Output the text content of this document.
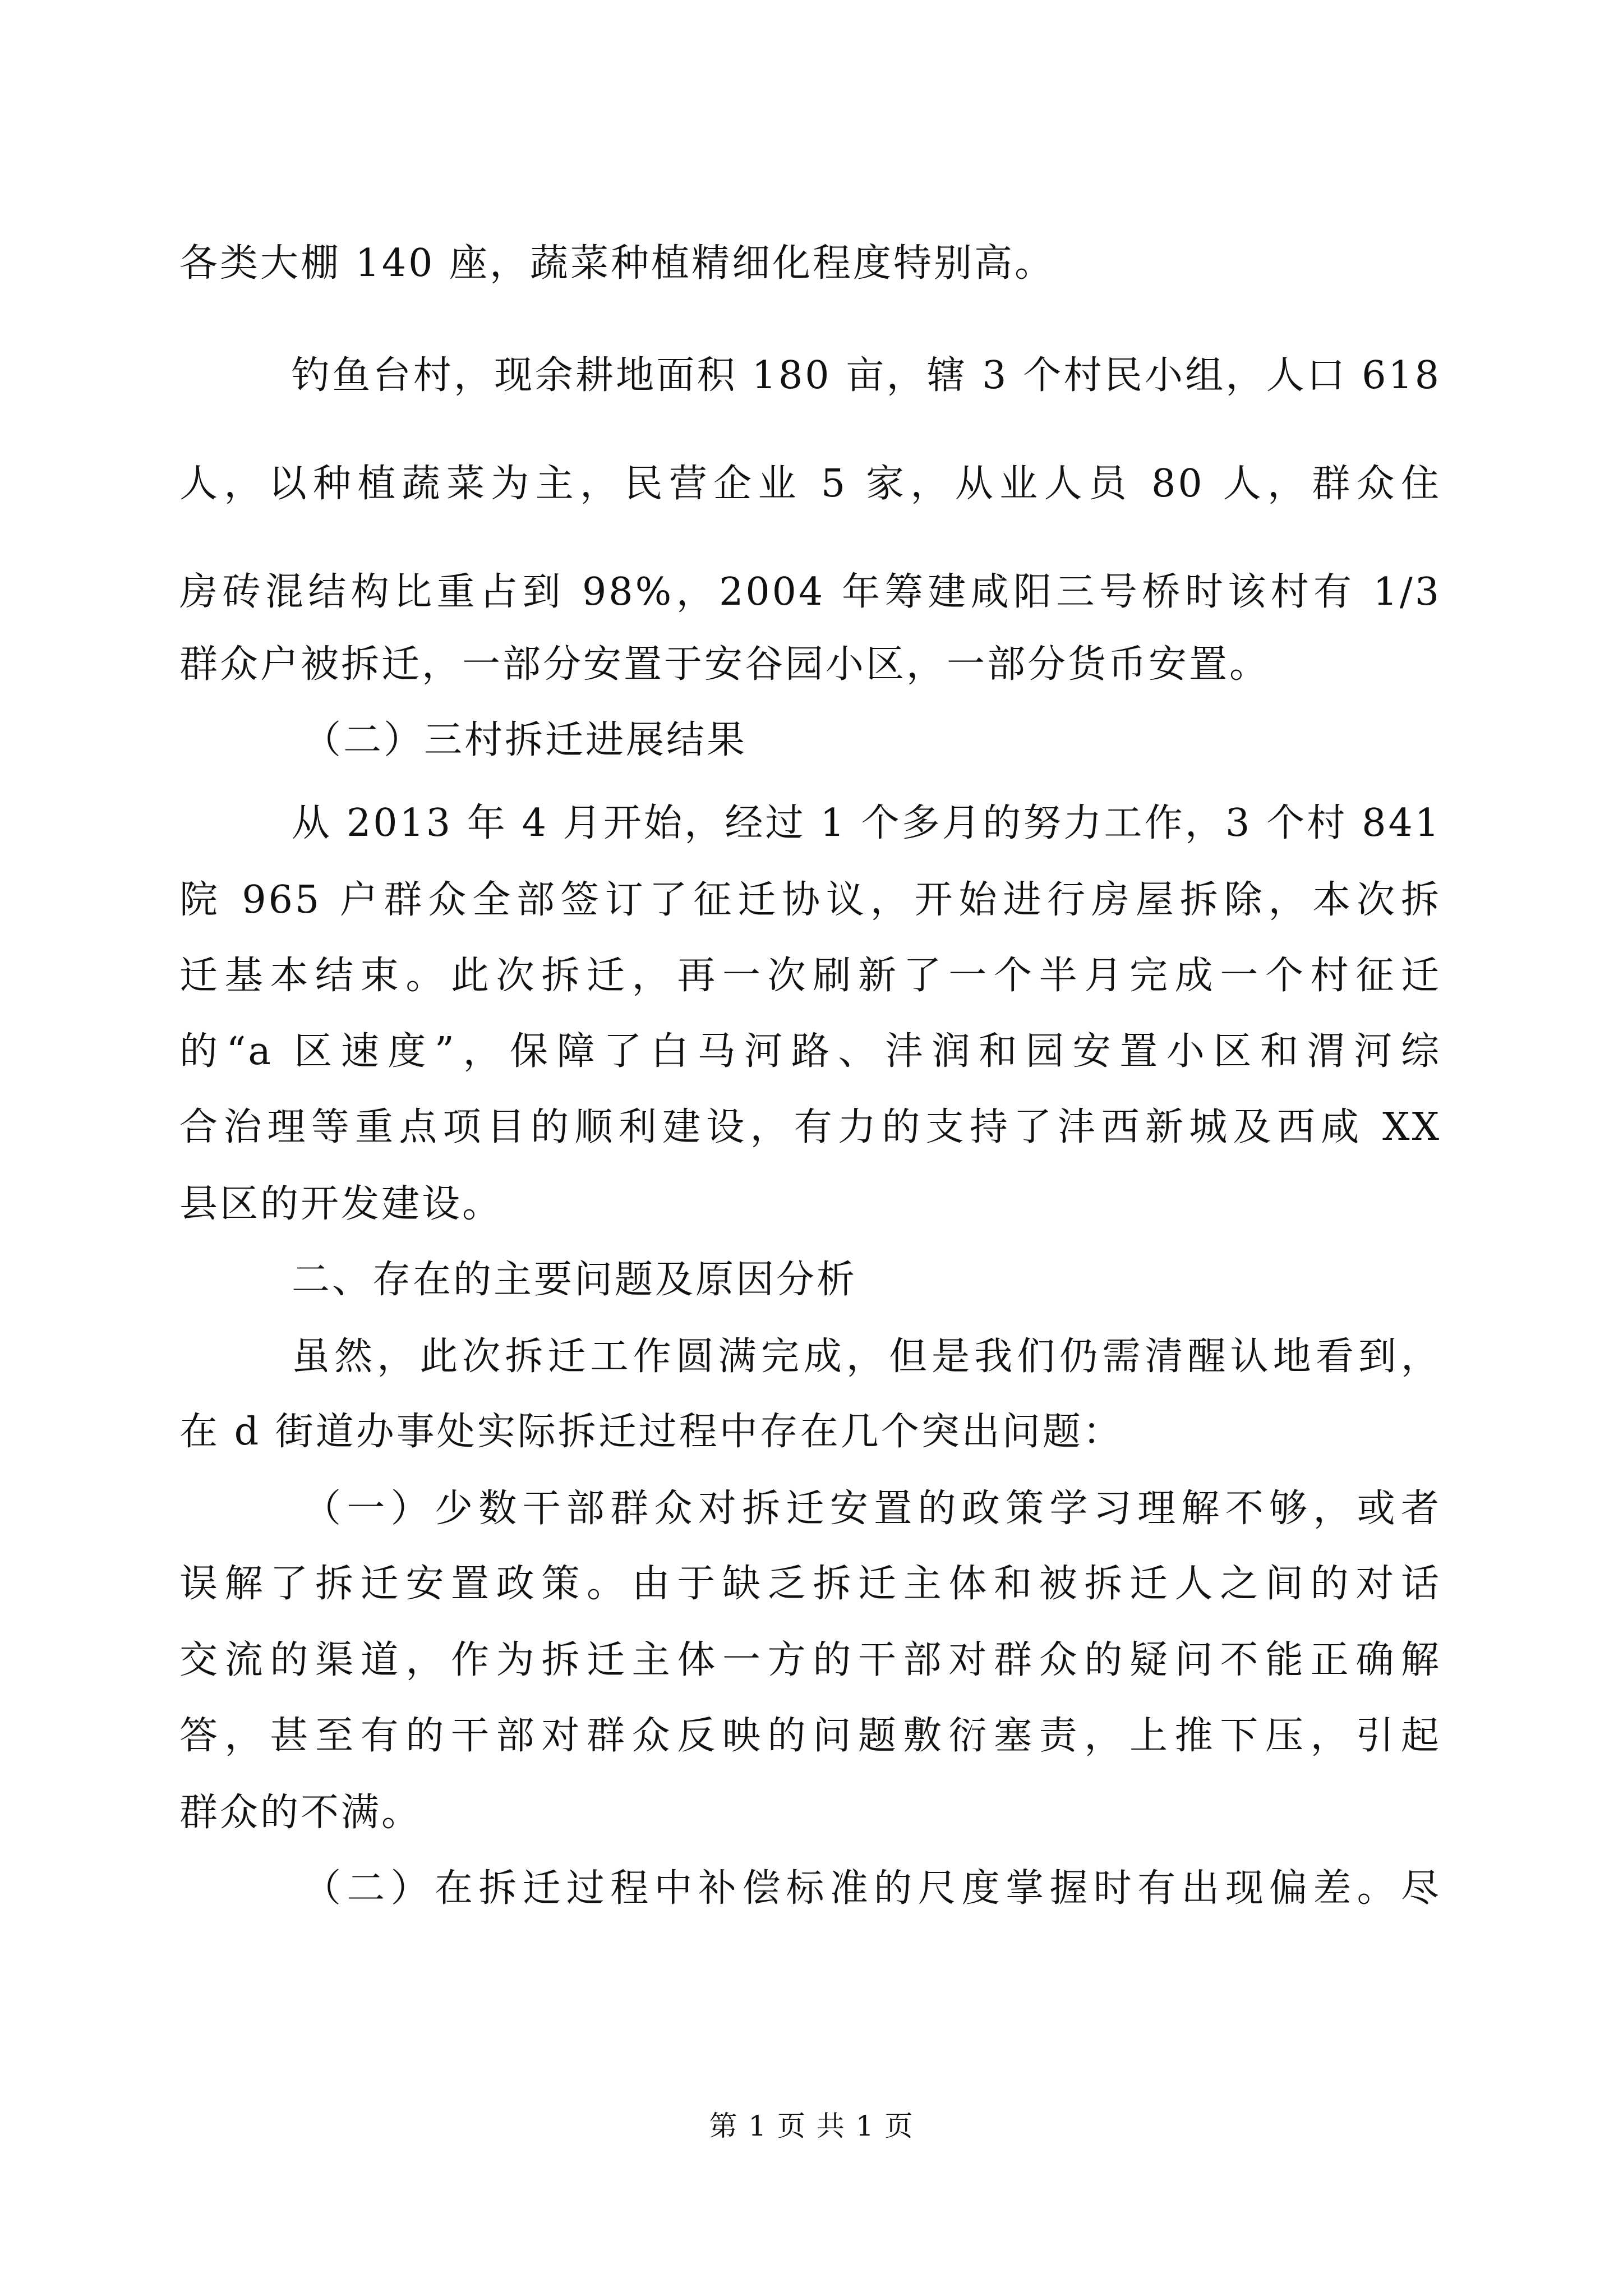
各类大棚 140 座，蔬菜种植精细化程度特别高。
钓鱼台村，现余耕地面积 180 亩，辖 3 个村民小组，人口 618
人，以种植蔬菜为主，民营企业 5 家，从业人员 80 人，群众住
房砖混结构比重占到 98%，2004 年筹建咸阳三号桥时该村有 1/3
群众户被拆迁，一部分安置于安谷园小区，一部分货币安置。
（二）三村拆迁进展结果
从 2013 年 4 月开始，经过 1 个多月的努力工作，3 个村 841
院 965 户群众全部签订了征迁协议，开始进行房屋拆除，本次拆
迁基本结束。此次拆迁，再一次刷新了一个半月完成一个村征迁
的“a 区速度”，保障了白马河路、沣润和园安置小区和渭河综
合治理等重点项目的顺利建设，有力的支持了沣西新城及西咸 XX
县区的开发建设。
二、存在的主要问题及原因分析
虽然，此次拆迁工作圆满完成，但是我们仍需清醒认地看到，
在 d 街道办事处实际拆迁过程中存在几个突出问题：
（一）少数干部群众对拆迁安置的政策学习理解不够，或者
误解了拆迁安置政策。由于缺乏拆迁主体和被拆迁人之间的对话
交流的渠道，作为拆迁主体一方的干部对群众的疑问不能正确解
答，甚至有的干部对群众反映的问题敷衍塞责，上推下压，引起
群众的不满。
（二）在拆迁过程中补偿标准的尺度掌握时有出现偏差。尽
第 1 页 共 1 页
